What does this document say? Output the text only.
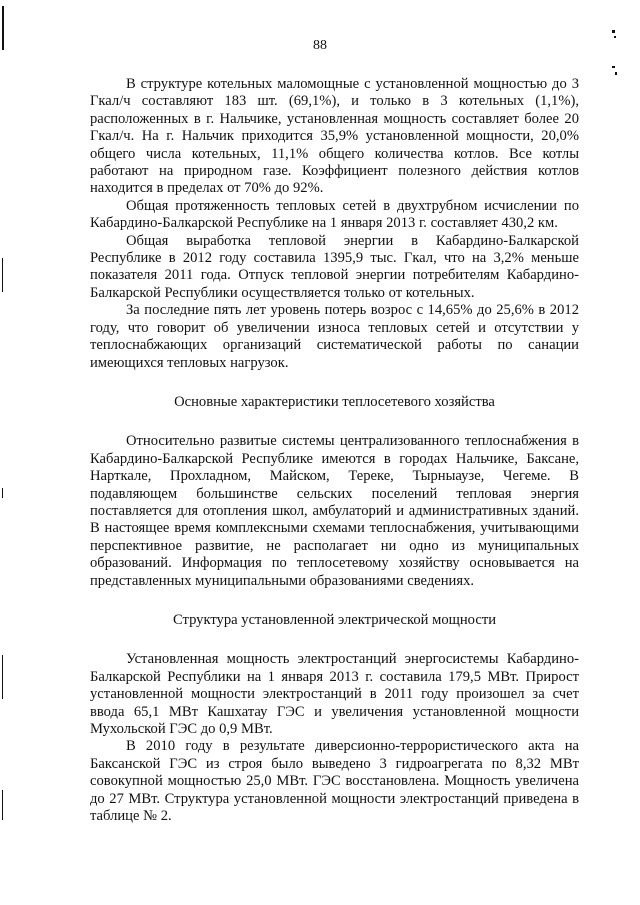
88

В структуре котельных маломощные с установленной мощностью до 3 Гкал/ч составляют 183 шт. (69,1%), и только в 3 котельных (1,1%), расположенных в г. Нальчике, установленная мощность составляет более 20 Гкал/ч. На г. Нальчик приходится 35,9% установленной мощности, 20,0% общего числа котельных, 11,1% общего количества котлов. Все котлы работают на природном газе. Коэффициент полезного действия котлов находится в пределах от 70% до 92%.

Общая протяженность тепловых сетей в двухтрубном исчислении по Кабардино-Балкарской Республике на 1 января 2013 г. составляет 430,2 км.

Общая выработка тепловой энергии в Кабардино-Балкарской Республике в 2012 году составила 1395,9 тыс. Гкал, что на 3,2% меньше показателя 2011 года. Отпуск тепловой энергии потребителям Кабардино-Балкарской Республики осуществляется только от котельных.

За последние пять лет уровень потерь возрос с 14,65% до 25,6% в 2012 году, что говорит об увеличении износа тепловых сетей и отсутствии у теплоснабжающих организаций систематической работы по санации имеющихся тепловых нагрузок.

Основные характеристики теплосетевого хозяйства

Относительно развитые системы централизованного теплоснабжения в Кабардино-Балкарской Республике имеются в городах Нальчике, Баксане, Нарткале, Прохладном, Майском, Тереке, Тырныаузе, Чегеме. В подавляющем большинстве сельских поселений тепловая энергия поставляется для отопления школ, амбулаторий и административных зданий. В настоящее время комплексными схемами теплоснабжения, учитывающими перспективное развитие, не располагает ни одно из муниципальных образований. Информация по теплосетевому хозяйству основывается на представленных муниципальными образованиями сведениях.

Структура установленной электрической мощности

Установленная мощность электростанций энергосистемы Кабардино-Балкарской Республики на 1 января 2013 г. составила 179,5 МВт. Прирост установленной мощности электростанций в 2011 году произошел за счет ввода 65,1 МВт Кашхатау ГЭС и увеличения установленной мощности Мухольской ГЭС до 0,9 МВт.

В 2010 году в результате диверсионно-террористического акта на Баксанской ГЭС из строя было выведено 3 гидроагрегата по 8,32 МВт совокупной мощностью 25,0 МВт. ГЭС восстановлена. Мощность увеличена до 27 МВт. Структура установленной мощности электростанций приведена в таблице № 2.
